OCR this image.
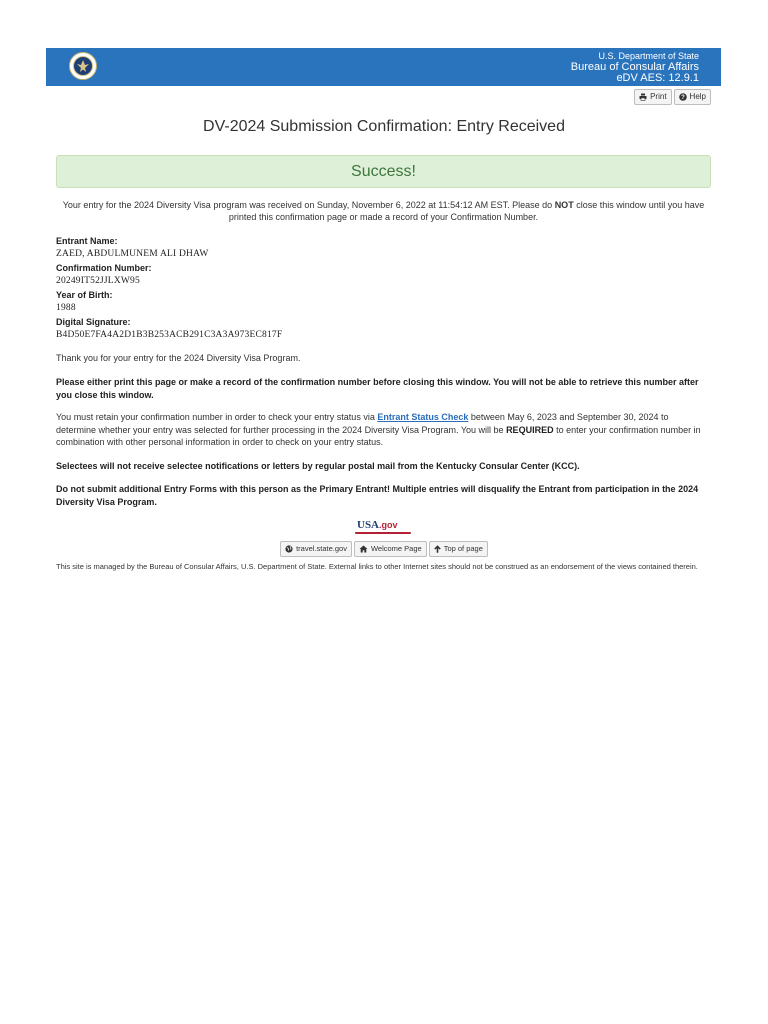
U.S. Department of State
Bureau of Consular Affairs
eDV AES: 12.9.1
Print ? Help
DV-2024 Submission Confirmation: Entry Received
Success!
Your entry for the 2024 Diversity Visa program was received on Sunday, November 6, 2022 at 11:54:12 AM EST. Please do NOT close this window until you have printed this confirmation page or made a record of your Confirmation Number.
Entrant Name:
ZAED, ABDULMUNEM ALI DHAW
Confirmation Number:
20249IT52JJLXW95
Year of Birth:
1988
Digital Signature:
B4D50E7FA4A2D1B3B253ACB291C3A3A973EC817F
Thank you for your entry for the 2024 Diversity Visa Program.
Please either print this page or make a record of the confirmation number before closing this window. You will not be able to retrieve this number after you close this window.
You must retain your confirmation number in order to check your entry status via Entrant Status Check between May 6, 2023 and September 30, 2024 to determine whether your entry was selected for further processing in the 2024 Diversity Visa Program. You will be REQUIRED to enter your confirmation number in combination with other personal information in order to check on your entry status.
Selectees will not receive selectee notifications or letters by regular postal mail from the Kentucky Consular Center (KCC).
Do not submit additional Entry Forms with this person as the Primary Entrant! Multiple entries will disqualify the Entrant from participation in the 2024 Diversity Visa Program.
USA.gov
travel.state.gov	Welcome Page	Top of page
This site is managed by the Bureau of Consular Affairs, U.S. Department of State. External links to other Internet sites should not be construed as an endorsement of the views contained therein.
